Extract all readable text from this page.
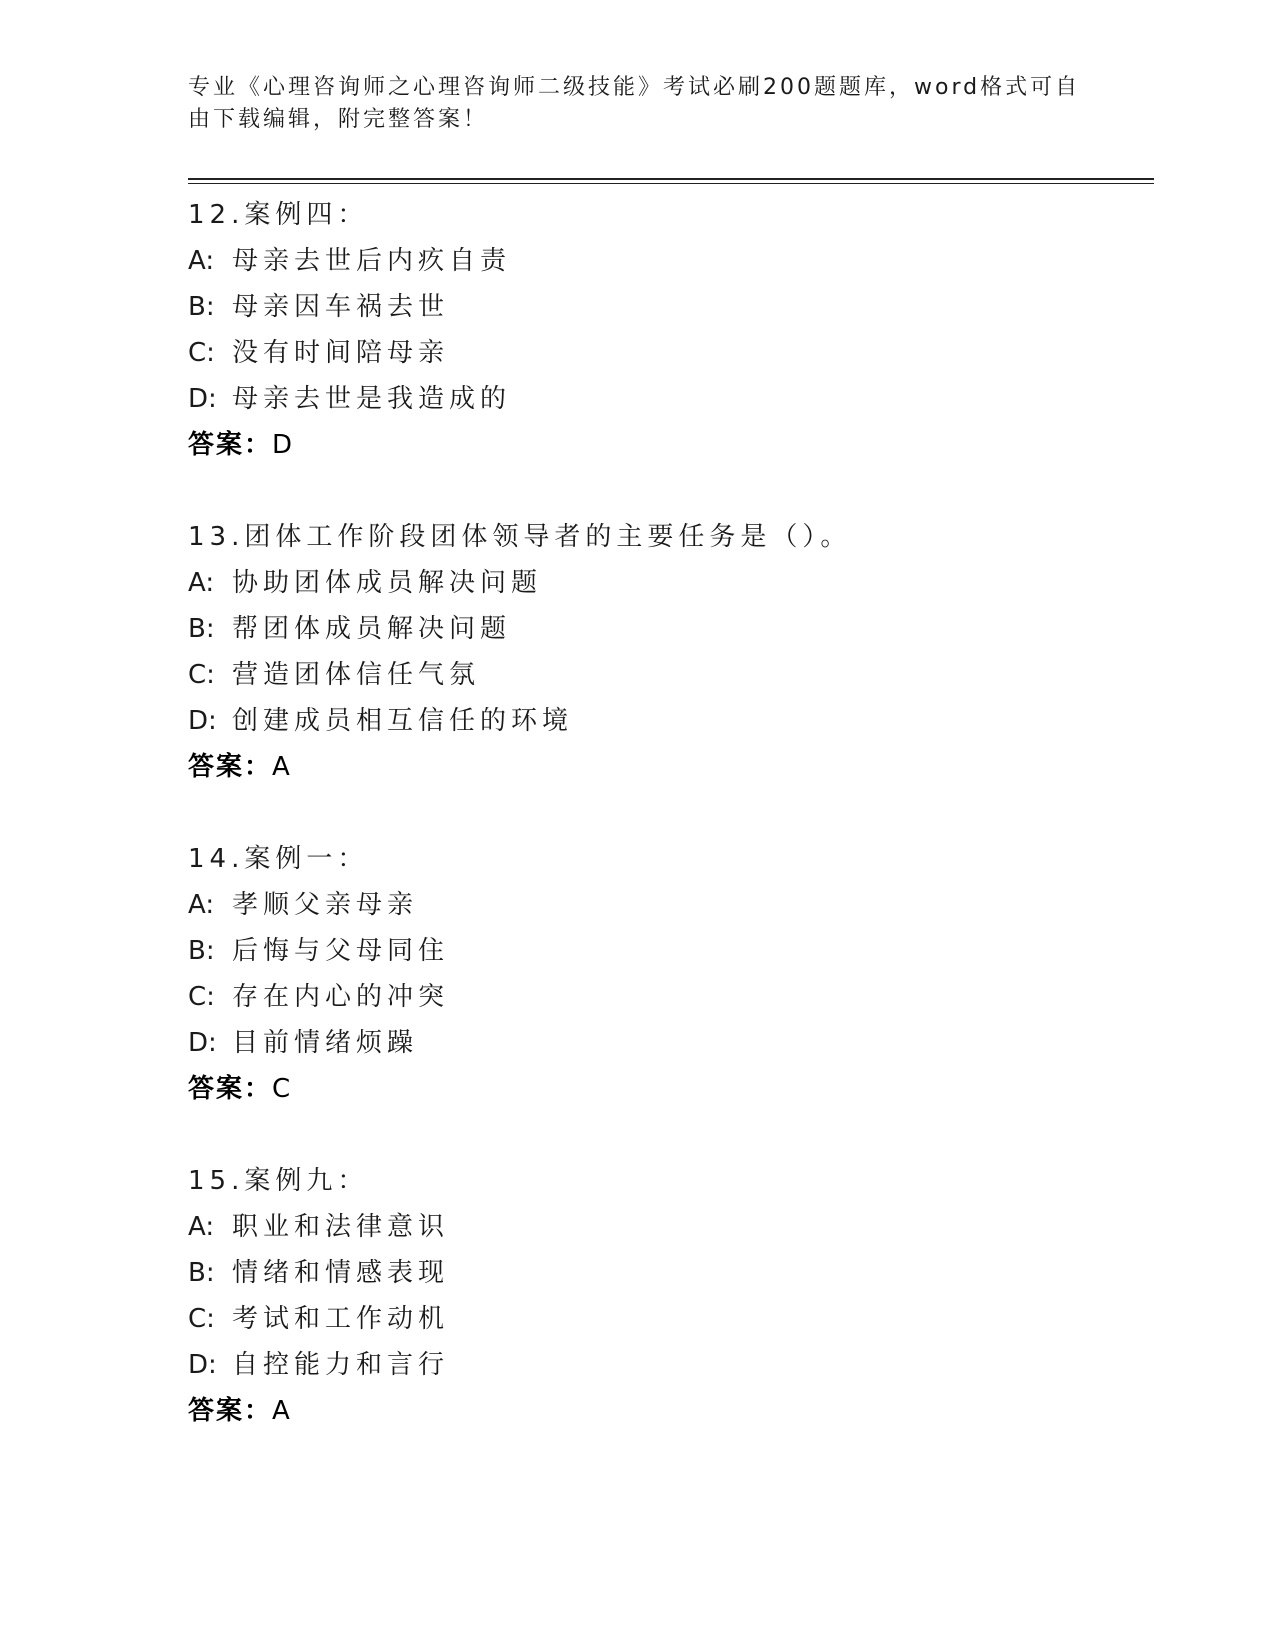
专业《心理咨询师之心理咨询师二级技能》考试必刷200题题库，word格式可自
由下载编辑，附完整答案！
12.案例四：
A: 母亲去世后内疚自责
B: 母亲因车祸去世
C: 没有时间陪母亲
D: 母亲去世是我造成的
答案：D
13.团体工作阶段团体领导者的主要任务是（）。
A: 协助团体成员解决问题
B: 帮团体成员解决问题
C: 营造团体信任气氛
D: 创建成员相互信任的环境
答案：A
14.案例一：
A: 孝顺父亲母亲
B: 后悔与父母同住
C: 存在内心的冲突
D: 目前情绪烦躁
答案：C
15.案例九：
A: 职业和法律意识
B: 情绪和情感表现
C: 考试和工作动机
D: 自控能力和言行
答案：A
